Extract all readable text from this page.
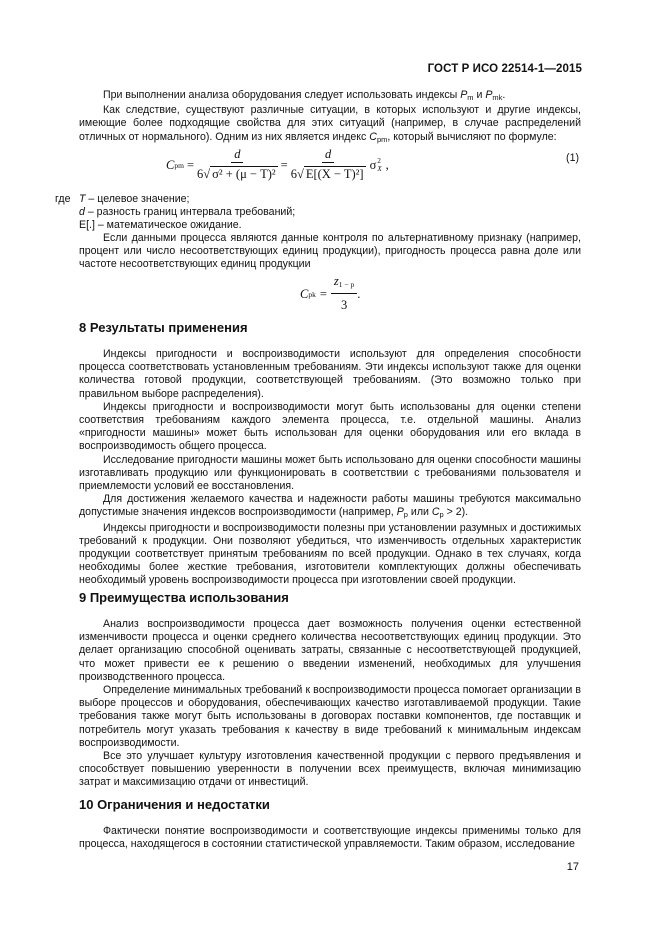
ГОСТ Р ИСО 22514-1—2015

При выполнении анализа оборудования следует использовать индексы $P_m$ и $P_{mk}$.

Как следствие, существуют различные ситуации, в которых используют и другие индексы, имеющие более подходящие свойства для этих ситуаций (например, в случае распределений отличных от нормального). Одним из них является индекс $C_{pm}$, который вычисляют по формуле:

C pm = $\frac{d}{\text{6√ σ² + (μ − T)²}} = \frac{d}{\text{6√ E[(X − T)²]}}$ σ 2
X ,	(1)
где T – целевое значение;
d – разность границ интервала требований;
E[.] – математическое ожидание.

Если данными процесса являются данные контроля по альтернативному признаку (например, процент или число несоответствующих единиц продукции), пригодность процесса равна доле или частоте несоответствующих единиц продукции

C pk = $\frac{z_{1 - p}}{3}$ .
8 Результаты применения

Индексы пригодности и воспроизводимости используют для определения способности процесса соответствовать установленным требованиям. Эти индексы используют также для оценки количества готовой продукции, соответствующей требованиям. (Это возможно только при правильном выборе распределения).

Индексы пригодности и воспроизводимости могут быть использованы для оценки степени соответствия требованиям каждого элемента процесса, т.е. отдельной машины. Анализ «пригодности машины» может быть использован для оценки оборудования или его вклада в воспроизводимость общего процесса.

Исследование пригодности машины может быть использовано для оценки способности машины изготавливать продукцию или функционировать в соответствии с требованиями пользователя и приемлемости условий ее восстановления.

Для достижения желаемого качества и надежности работы машины требуются максимально допустимые значения индексов воспроизводимости (например, $P_p$ или $C_p > 2$).

Индексы пригодности и воспроизводимости полезны при установлении разумных и достижимых требований к продукции. Они позволяют убедиться, что изменчивость отдельных характеристик продукции соответствует принятым требованиям по всей продукции. Однако в тех случаях, когда необходимы более жесткие требования, изготовители комплектующих должны обеспечивать необходимый уровень воспроизводимости процесса при изготовлении своей продукции.

9 Преимущества использования

Анализ воспроизводимости процесса дает возможность получения оценки естественной изменчивости процесса и оценки среднего количества несоответствующих единиц продукции. Это делает организацию способной оценивать затраты, связанные с несоответствующей продукцией, что может привести ее к решению о введении изменений, необходимых для улучшения производственного процесса.

Определение минимальных требований к воспроизводимости процесса помогает организации в выборе процессов и оборудования, обеспечивающих качество изготавливаемой продукции. Такие требования также могут быть использованы в договорах поставки компонентов, где поставщик и потребитель могут указать требования к качеству в виде требований к минимальным индексам воспроизводимости.

Все это улучшает культуру изготовления качественной продукции с первого предъявления и способствует повышению уверенности в получении всех преимуществ, включая минимизацию затрат и максимизацию отдачи от инвестиций.

10 Ограничения и недостатки

Фактически понятие воспроизводимости и соответствующие индексы применимы только для процесса, находящегося в состоянии статистической управляемости. Таким образом, исследование

17
